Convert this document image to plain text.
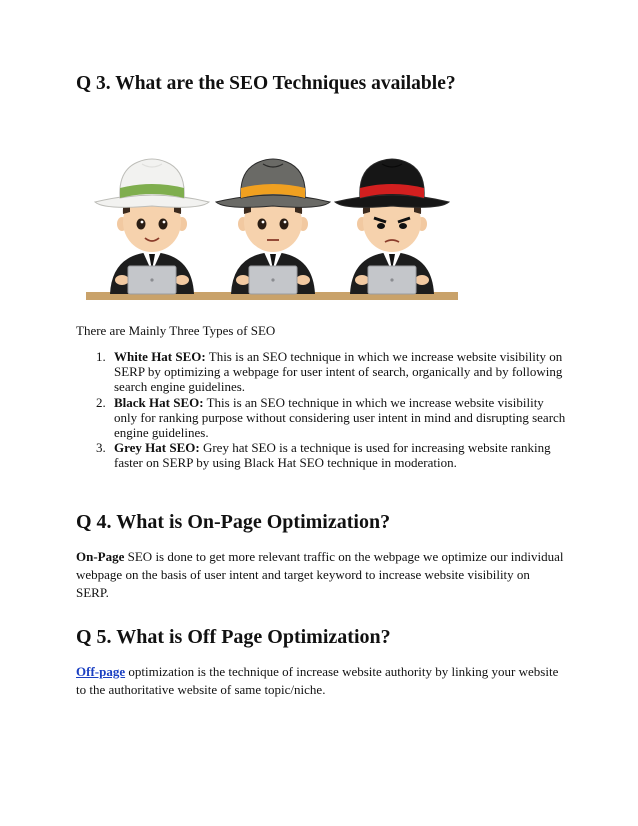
Q 3. What are the SEO Techniques available?

There are Mainly Three Types of SEO

1. White Hat SEO: This is an SEO technique in which we increase website visibility on SERP by optimizing a webpage for user intent of search, organically and by following search engine guidelines.
2. Black Hat SEO: This is an SEO technique in which we increase website visibility only for ranking purpose without considering user intent in mind and disrupting search engine guidelines.
3. Grey Hat SEO: Grey hat SEO is a technique is used for increasing website ranking faster on SERP by using Black Hat SEO technique in moderation.
Q 4. What is On-Page Optimization?

On-Page SEO is done to get more relevant traffic on the webpage we optimize our individual webpage on the basis of user intent and target keyword to increase website visibility on SERP.

Q 5. What is Off Page Optimization?

Off-page optimization is the technique of increase website authority by linking your website to the authoritative website of same topic/niche.
